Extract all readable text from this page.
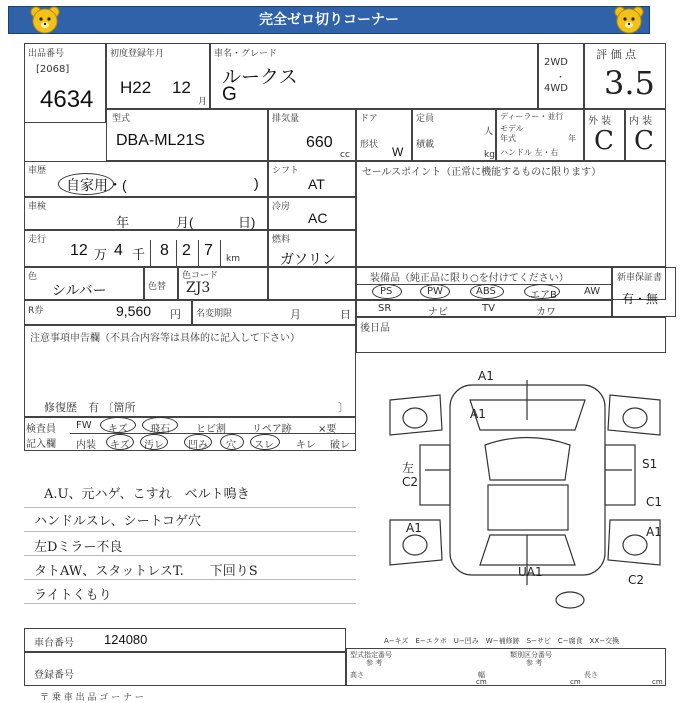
完全ゼロ切りコーナー
出品番号
[2068]
4634
初度登録年月
H22 12
月
車名・グレード
ルークス
G
2WD
・
4WD
評 価 点
3.5
型式
DBA-ML21S
排気量
660
cc
ドア
形状 W
定員
人
積載
kg
ディーラー・並行
モデル
年式	年
ハンドル 左・右
外 装 内 装
C C
車歴
自家用・(	)
シフト
AT
セールスポイント（正常に機能するものに限ります）
車検
年	月(	日)
冷房
AC
走行
12 万 4 千 8 2 7 km
燃料
ガソリン
色
シルバー	色替
色コード
ZJ3
装備品（純正品に限り○を付けてください）
PS	PW	ABS	エアB	AW
SR	ナビ	TV	カワ
新車保証書
有・無
R券	9,560 円 名変期限	月	日
後日品
注意事項申告欄（不具合内容等は具体的に記入して下さい）
修復歴　有 〔箇所	〕
検査員
記入欄
FW キズ 飛石	ヒビ割	リペア跡	×要
内装 キズ 汚レ 凹み 穴 スレ キレ 破レ
A.U、元ハゲ、こすれ　ベルト鳴き
ハンドルスレ、シートコゲ穴
左Dミラー不良
タトAW、スタットレスT.　　下回りS
ライトくもり
A1
A1
左
C2
S1
A1
C1
A1
UA1
C2
A−キズ　E−エクボ　U−凹み　W−補修跡　S−サビ　C−腐食　XX−交換
車台番号 124080
登録番号
型式指定番号
参 考
類別区分番号
参 考
高さ	幅	長さ
cm	cm	cm
〒 乗 車 出 品 ゴ ー ナ ー
